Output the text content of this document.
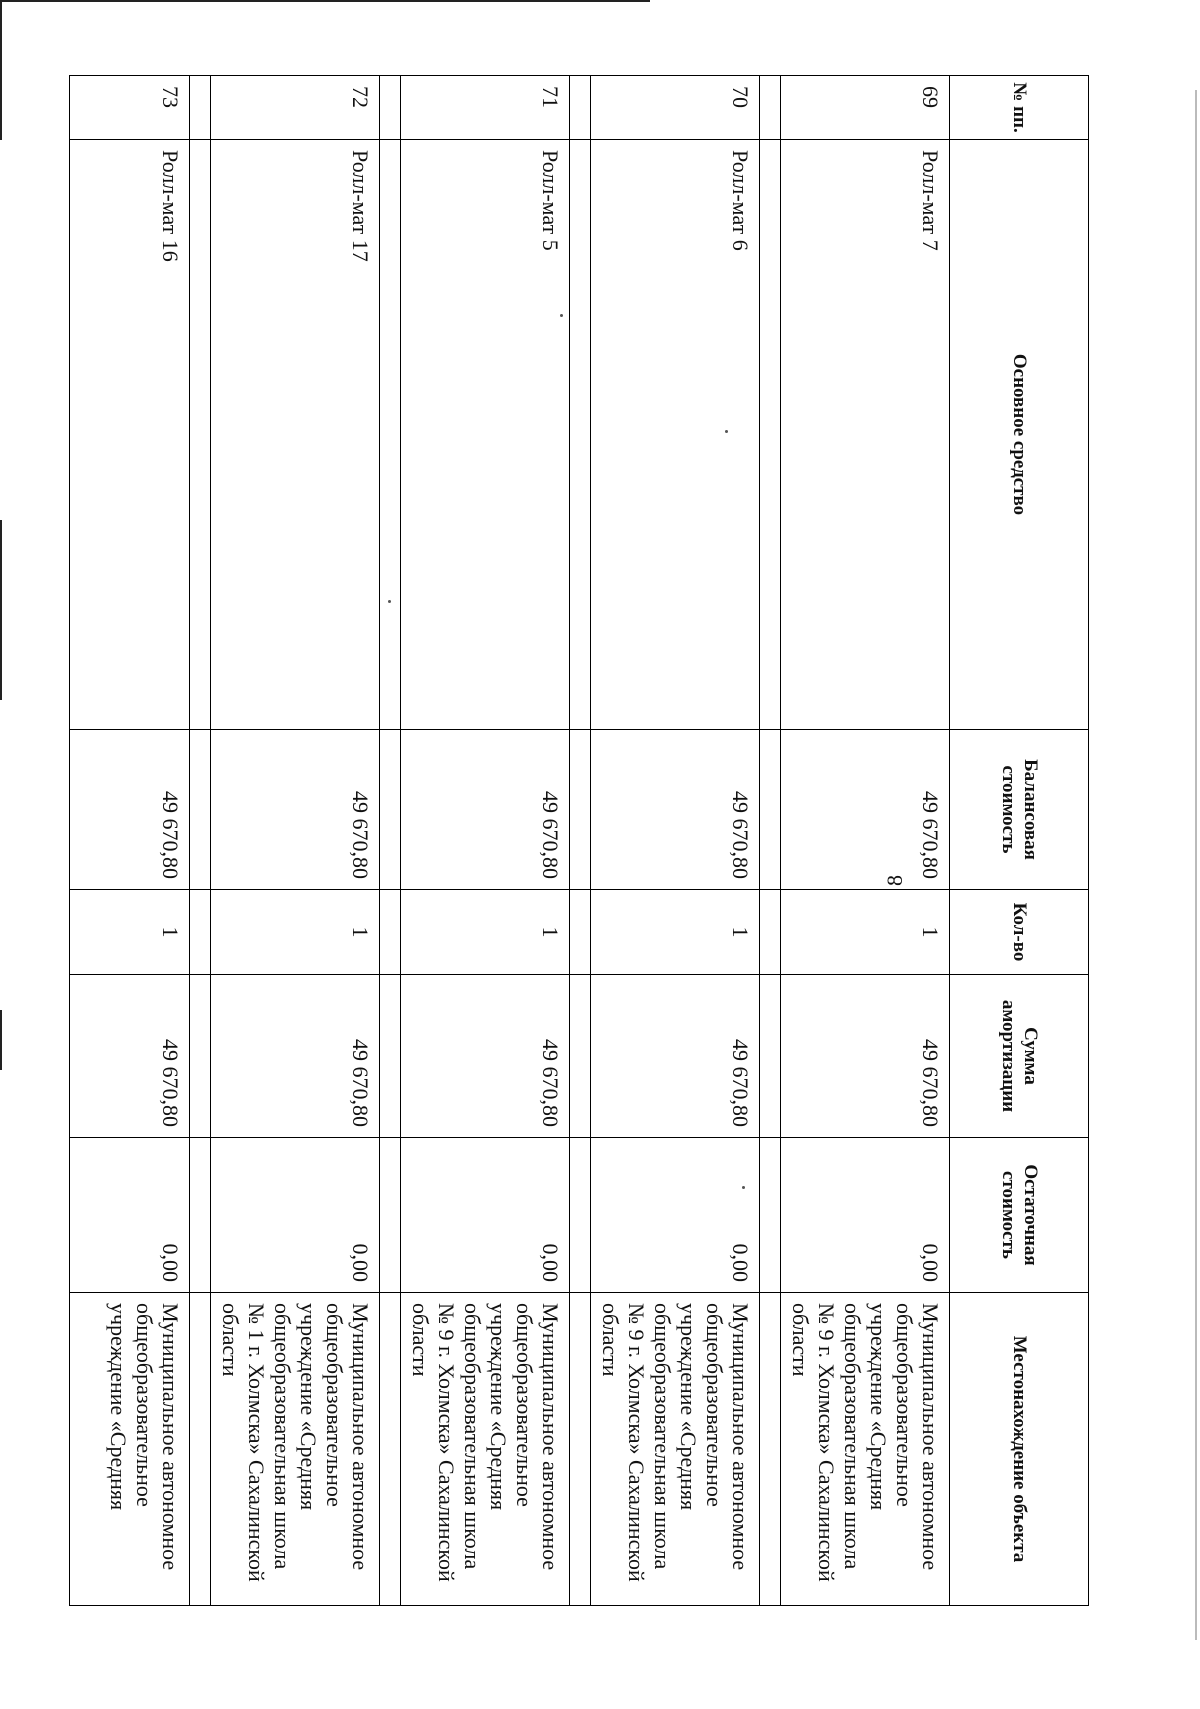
8
№ пп.	Основное средство	Балансовая стоимость	Кол-во	Сумма амортизации	Остаточная стоимость	Местонахождение объекта
69	Ролл-мат 7	49 670,80	1	49 670,80	0,00	Муниципальное автономное общеобразовательное учреждение «Средняя общеобразовательная школа № 9 г. Холмска» Сахалинской области

70	Ролл-мат 6	49 670,80	1	49 670,80	0,00	Муниципальное автономное общеобразовательное учреждение «Средняя общеобразовательная школа № 9 г. Холмска» Сахалинской области

71	Ролл-мат 5	49 670,80	1	49 670,80	0,00	Муниципальное автономное общеобразовательное учреждение «Средняя общеобразовательная школа № 9 г. Холмска» Сахалинской области

72	Ролл-мат 17	49 670,80	1	49 670,80	0,00	Муниципальное автономное общеобразовательное учреждение «Средняя общеобразовательная школа № 1 г. Холмска» Сахалинской области

73	Ролл-мат 16	49 670,80	1	49 670,80	0,00	Муниципальное автономное общеобразовательное учреждение «Средняя
